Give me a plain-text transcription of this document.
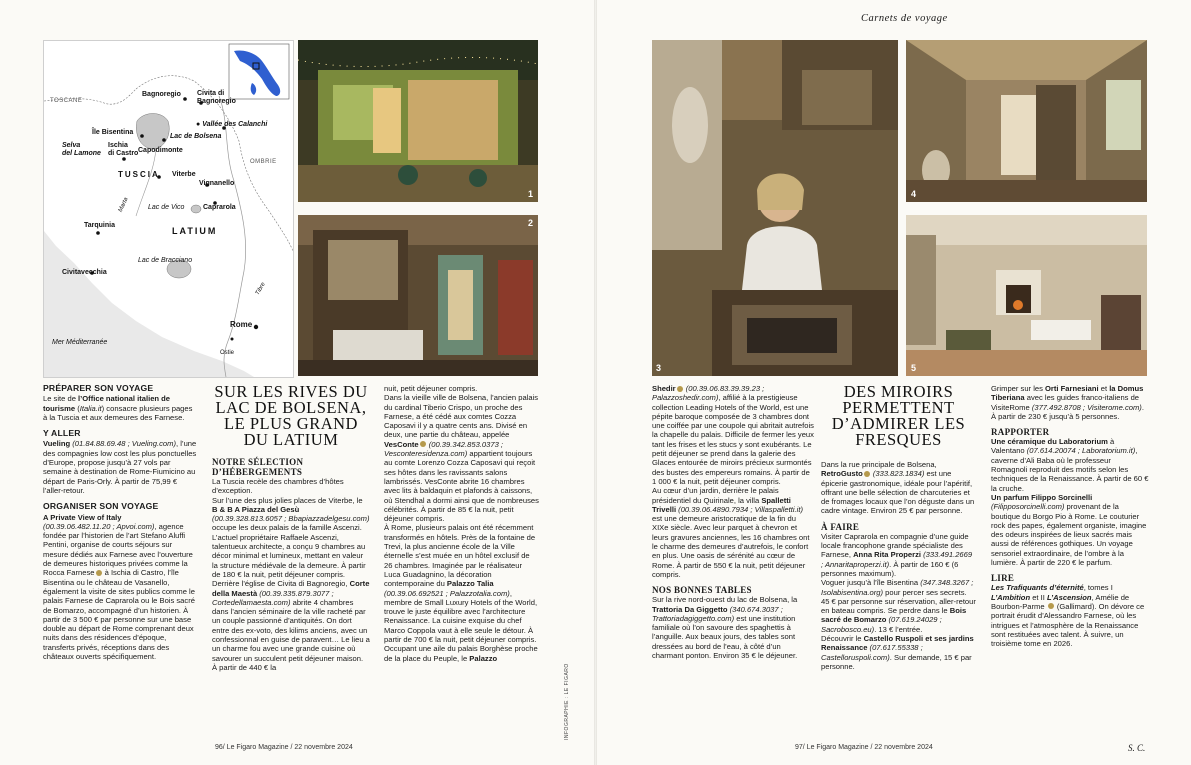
Carnets de voyage
TOSCANE
OMBRIE
TUSCIA
LATIUM
Bagnoregio Civita di
Bagnoregio
● Vallée des Calanchi
Lac de Bolsena
Île Bisentina
Selva
del Lamone
Ischia
di Castro Capodimonte
Viterbe
Vignanello
Marta	Lac de Vico	Caprarola
Tarquinia
Lac de Bracciano
Civitavecchia
Tibre
Rome
Mer Méditerranée
Ostie
1
2
3
4
5
PRÉPARER SON VOYAGE

Le site de l’Office national italien de tourisme (Italia.it) consacre plusieurs pages à la Tuscia et aux demeures des Farnese.

Y ALLER

Vueling (01.84.88.69.48 ; Vueling.com), l’une des compagnies low cost les plus ponctuelles d’Europe, propose jusqu’à 27 vols par semaine à destination de Rome-Fiumicino au départ de Paris-Orly. À partir de 75,99 € l’aller-retour.

ORGANISER SON VOYAGE

A Private View of Italy
(00.39.06.482.11.20 ; Apvoi.com), agence fondée par l’historien de l’art Stefano Aluffi Pentini, organise de courts séjours sur mesure dédiés aux Farnese avec l’ouverture de demeures historiques privées comme la Rocca Farnese à Ischia di Castro, l’île Bisentina ou le château de Vasanello, également la visite de sites publics comme le palais Farnese de Caprarola ou le Bois sacré de Bomarzo, accompagné d’un historien. À partir de 3 500 € par personne sur une base double au départ de Rome comprenant deux nuits dans des résidences d’époque, transferts privés, réceptions dans des châteaux ouverts spécifiquement.

SUR LES RIVES DU LAC DE BOLSENA, LE PLUS GRAND DU LATIUM
NOTRE SÉLECTION D’HÉBERGEMENTS

La Tuscia recèle des chambres d’hôtes d’exception.

Sur l’une des plus jolies places de Viterbe, le B & B A Piazza del Gesù (00.39.328.813.6057 ; Bbapiazzadelgesu.com) occupe les deux palais de la famille Ascenzi. L’actuel propriétaire Raffaele Ascenzi, talentueux architecte, a conçu 9 chambres au décor minimal et lumineux, mettant en valeur la structure médiévale de la demeure. À partir de 180 € la nuit, petit déjeuner compris.

Derrière l’église de Civita di Bagnoregio, Corte della Maestà (00.39.335.879.3077 ; Cortedellamaesta.com) abrite 4 chambres dans l’ancien séminaire de la ville racheté par un couple passionné d’antiquités. On dort entre des ex-voto, des kilims anciens, avec un confessionnal en guise de paravent… Le lieu a un charme fou avec une grande cuisine où savourer un succulent petit déjeuner maison. À partir de 440 € la

nuit, petit déjeuner compris.

Dans la vieille ville de Bolsena, l’ancien palais du cardinal Tiberio Crispo, un proche des Farnese, a été cédé aux comtes Cozza Caposavi il y a quatre cents ans. Divisé en deux, une partie du château, appelée VesConte (00.39.342.853.0373 ; Vesconteresidenza.com) appartient toujours au comte Lorenzo Cozza Caposavi qui reçoit ses hôtes dans les ravissants salons lambrissés. VesConte abrite 16 chambres avec lits à baldaquin et plafonds à caissons, où Stendhal a dormi ainsi que de nombreuses célébrités. À partir de 85 € la nuit, petit déjeuner compris.

À Rome, plusieurs palais ont été récemment transformés en hôtels. Près de la fontaine de Trevi, la plus ancienne école de la Ville éternelle s’est muée en un hôtel exclusif de 26 chambres. Imaginée par le réalisateur Luca Guadagnino, la décoration contemporaine du Palazzo Talia (00.39.06.692521 ; Palazzotalia.com), membre de Small Luxury Hotels of the World, trouve le juste équilibre avec l’architecture Renaissance. La cuisine exquise du chef Marco Coppola vaut à elle seule le détour. À partir de 700 € la nuit, petit déjeuner compris.

Occupant une aile du palais Borghèse proche de la place du Peuple, le Palazzo

INFOGRAPHIE : LE FIGARO
96/ Le Figaro Magazine / 22 novembre 2024

Shedir (00.39.06.83.39.39.23 ; Palazzoshedir.com), affilié à la prestigieuse collection Leading Hotels of the World, est une pépite baroque composée de 3 chambres dont une coiffée par une coupole qui abritait autrefois la chapelle du palais. Difficile de fermer les yeux tant les frises et les stucs y sont exubérants. Le petit déjeuner se prend dans la galerie des Glaces entourée de miroirs précieux surmontés des bustes des empereurs romains. À partir de 1 000 € la nuit, petit déjeuner compris.

Au cœur d’un jardin, derrière le palais présidentiel du Quirinale, la villa Spalletti Trivelli (00.39.06.4890.7934 ; Villaspalletti.it) est une demeure aristocratique de la fin du XIXe siècle. Avec leur parquet à chevron et leurs gravures anciennes, les 16 chambres ont le charme des demeures d’autrefois, le confort en plus. Une oasis de sérénité au cœur de Rome. À partir de 550 € la nuit, petit déjeuner compris.

NOS BONNES TABLES

Sur la rive nord-ouest du lac de Bolsena, la Trattoria Da Giggetto (340.674.3037 ; Trattoriadagiggetto.com) est une institution familiale où l’on savoure des spaghettis à l’anguille. Aux beaux jours, des tables sont dressées au bord de l’eau, à côté d’un charmant ponton. Environ 35 € le déjeuner.

DES MIROIRS PERMETTENT D’ADMIRER LES FRESQUES

Dans la rue principale de Bolsena, RetroGusto (333.823.1834) est une épicerie gastronomique, idéale pour l’apéritif, offrant une belle sélection de charcuteries et de fromages locaux que l’on déguste dans un cadre vintage. Environ 25 € par personne.

À FAIRE

Visiter Caprarola en compagnie d’une guide locale francophone grande spécialiste des Farnese, Anna Rita Properzi (333.491.2669 ; Annaritaproperzi.it). À partir de 160 € (6 personnes maximum).

Voguer jusqu’à l’île Bisentina (347.348.3267 ; Isolabisentina.org) pour percer ses secrets. 45 € par personne sur réservation, aller-retour en bateau compris. Se perdre dans le Bois sacré de Bomarzo (07.619.24029 ; Sacrobosco.eu). 13 € l’entrée.

Découvrir le Castello Ruspoli et ses jardins Renaissance (07.617.55338 ; Castelloruspoli.com). Sur demande, 15 € par personne.

Grimper sur les Orti Farnesiani et la Domus Tiberiana avec les guides franco-italiens de VisiteRome (377.492.8708 ; Visiterome.com). À partir de 230 € jusqu’à 5 personnes.

RAPPORTER

Une céramique du Laboratorium à Valentano (07.614.20074 ; Laboratorium.it), caverne d’Ali Baba où le professeur Romagnoli reproduit des motifs selon les techniques de la Renaissance. À partir de 60 € la cruche.

Un parfum Filippo Sorcinelli (Filipposorcinelli.com) provenant de la boutique du Borgo Pio à Rome. Le couturier rock des papes, également organiste, imagine des odeurs inspirées de lieux sacrés mais aussi de références gothiques. Un voyage sensoriel extraordinaire, de l’ombre à la lumière. À partir de 220 € le parfum.

LIRE

Les Trafiquants d’éternité, tomes I L’Ambition et II L’Ascension, Amélie de Bourbon-Parme  (Gallimard). On dévore ce portrait érudit d’Alessandro Farnese, où les intrigues et l’atmosphère de la Renaissance sont restituées avec talent. À suivre, un troisième tome en 2026.

S. C.
97/ Le Figaro Magazine / 22 novembre 2024
